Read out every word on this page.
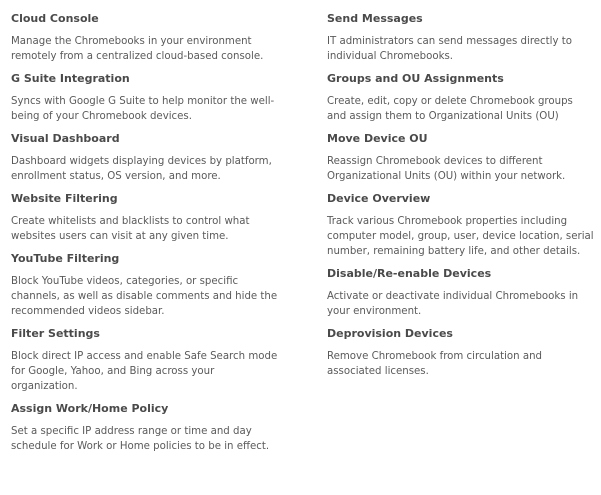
Cloud Console
Manage the Chromebooks in your environment
remotely from a centralized cloud-based console.
G Suite Integration
Syncs with Google G Suite to help monitor the well-
being of your Chromebook devices.
Visual Dashboard
Dashboard widgets displaying devices by platform,
enrollment status, OS version, and more.
Website Filtering
Create whitelists and blacklists to control what
websites users can visit at any given time.
YouTube Filtering
Block YouTube videos, categories, or specific
channels, as well as disable comments and hide the
recommended videos sidebar.
Filter Settings
Block direct IP access and enable Safe Search mode
for Google, Yahoo, and Bing across your
organization.
Assign Work/Home Policy
Set a specific IP address range or time and day
schedule for Work or Home policies to be in effect.
Send Messages
IT administrators can send messages directly to
individual Chromebooks.
Groups and OU Assignments
Create, edit, copy or delete Chromebook groups
and assign them to Organizational Units (OU)
Move Device OU
Reassign Chromebook devices to different
Organizational Units (OU) within your network.
Device Overview
Track various Chromebook properties including
computer model, group, user, device location, serial
number, remaining battery life, and other details.
Disable/Re-enable Devices
Activate or deactivate individual Chromebooks in
your environment.
Deprovision Devices
Remove Chromebook from circulation and
associated licenses.
